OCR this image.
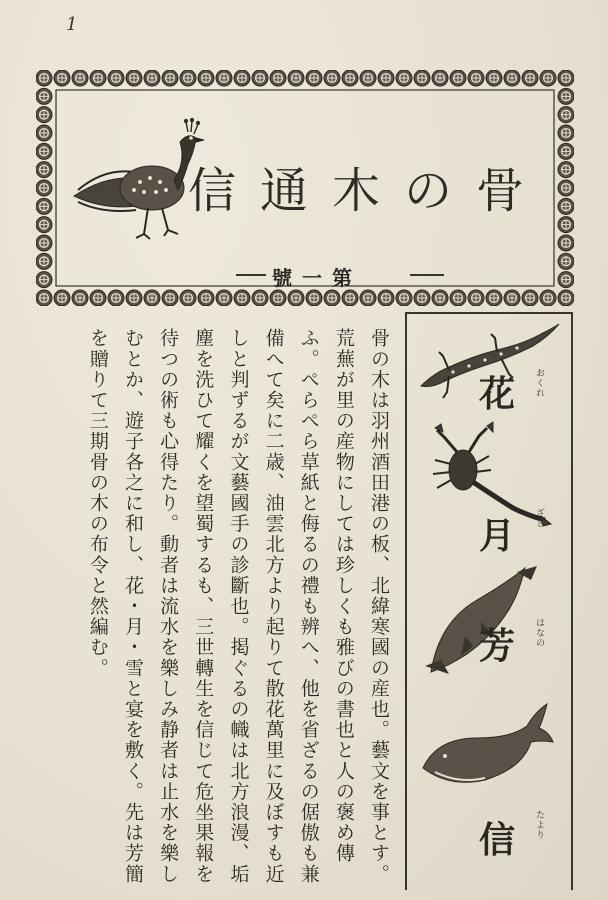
1
骨の木通信
第一號
花 おくれ
月 ざき
芳 はなの
信 たより
骨の木は羽州酒田港の板、北緯寒國の産也。藝文を事とす。荒蕪が里の産物にしては珍しくも雅びの書也と人の褒め傳ふ。ぺらぺら草紙と侮るの禮も辨へ、他を省ざるの倨傲も兼備へて矣に二歳、油雲北方より起りて散花萬里に及ぼすも近しと判ずるが文藝國手の診斷也。掲ぐるの幟は北方浪漫、垢塵を洗ひて耀くを望蜀するも、三世轉生を信じて危坐果報を待つの術も心得たり。動者は流水を樂しみ静者は止水を樂しむとか、遊子各之に和し、花・月・雪と宴を敷く。先は芳簡を贈りて三期骨の木の布令と然編む。
